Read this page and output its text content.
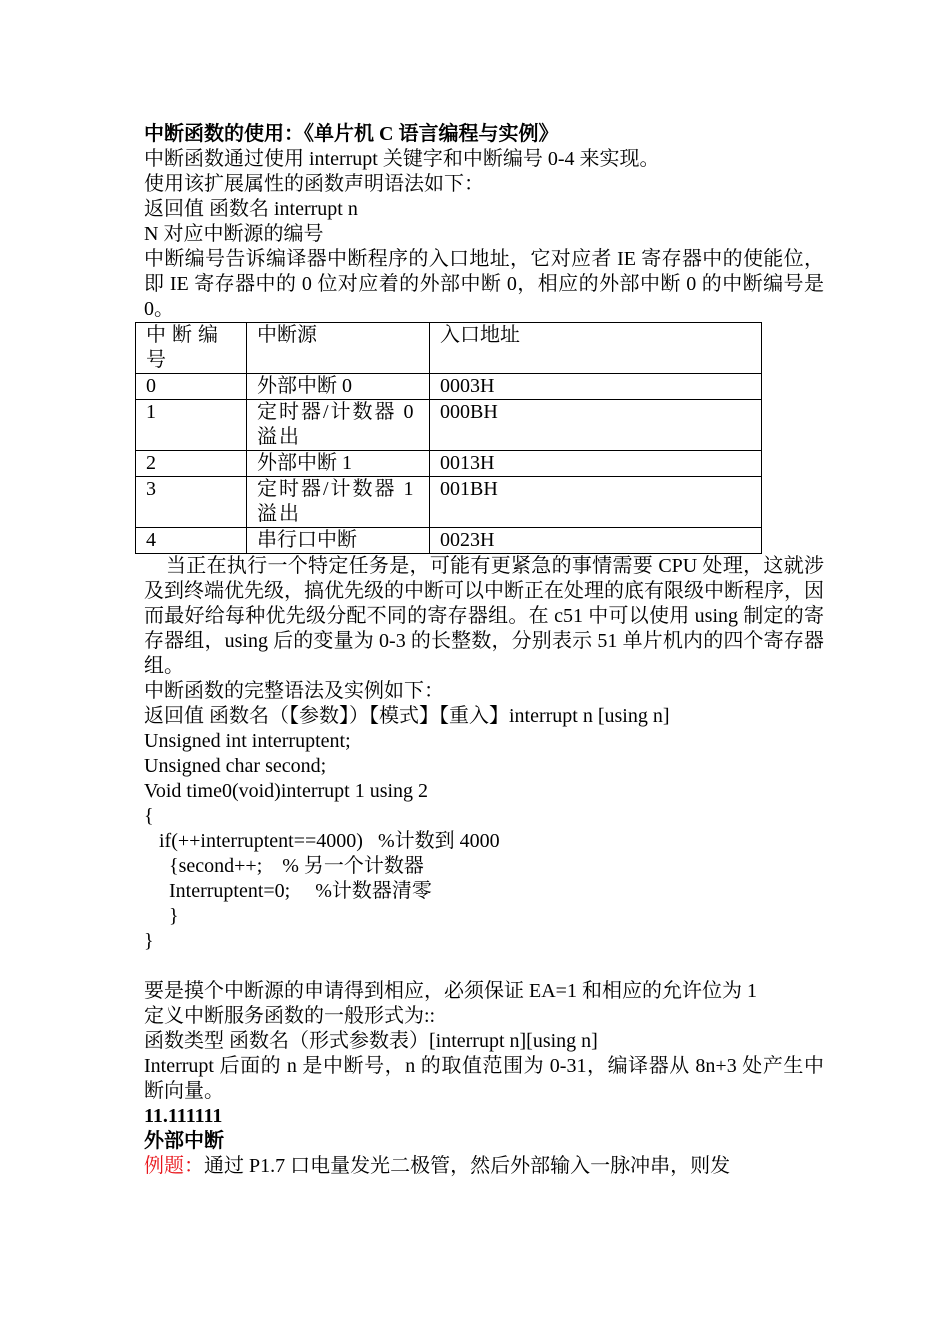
中断函数的使用：《单片机 C 语言编程与实例》
中断函数通过使用 interrupt 关键字和中断编号 0-4 来实现。
使用该扩展属性的函数声明语法如下：
返回值 函数名 interrupt n
N 对应中断源的编号
中断编号告诉编译器中断程序的入口地址，它对应者 IE 寄存器中的使能位，即 IE 寄存器中的 0 位对应着的外部中断 0，相应的外部中断 0 的中断编号是 0。
中断编号	中断源	入口地址
0	外部中断 0	0003H
1	定时器/计数器 0 溢出	000BH
2	外部中断 1	0013H
3	定时器/计数器 1 溢出	001BH
4	串行口中断	0023H
当正在执行一个特定任务是，可能有更紧急的事情需要 CPU 处理，这就涉及到终端优先级，搞优先级的中断可以中断正在处理的底有限级中断程序，因而最好给每种优先级分配不同的寄存器组。在 c51 中可以使用 using 制定的寄存器组，using 后的变量为 0-3 的长整数，分别表示 51 单片机内的四个寄存器组。
中断函数的完整语法及实例如下：
返回值 函数名（【参数】）【模式】【重入】interrupt n [using n]
Unsigned int interruptent;
Unsigned char second;
Void time0(void)interrupt 1 using 2
{
if(++interruptent==4000)   %计数到 4000
{second++;    % 另一个计数器
Interruptent=0;     %计数器清零
}
}
要是摸个中断源的申请得到相应，必须保证 EA=1 和相应的允许位为 1
定义中断服务函数的一般形式为::
函数类型 函数名（形式参数表）[interrupt n][using n]
Interrupt 后面的 n 是中断号，n 的取值范围为 0-31，编译器从 8n+3 处产生中断向量。
11.111111
外部中断
例题：通过 P1.7 口电量发光二极管，然后外部输入一脉冲串，则发
